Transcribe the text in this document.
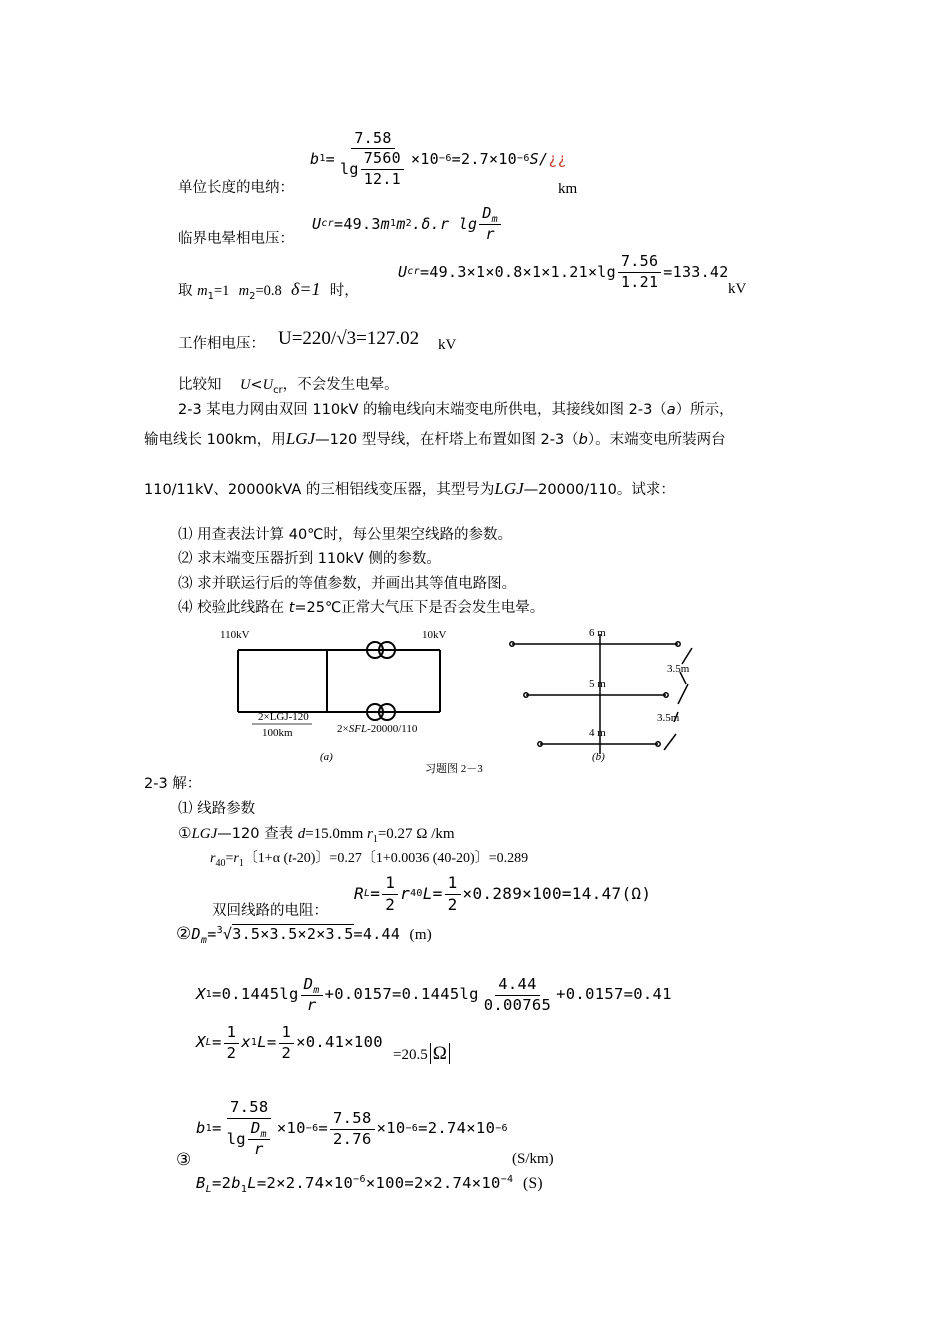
b $1 = \frac{7.58}{\lg \frac{7560}{12.1}} \times 10 -6 =2.7\times 10 -6$ S/ ¿¿
单位长度的电纳：	km
临界电晕相电压：
U cr =49.3 m 1 m 2 .δ.r $\lg \frac{D_m}{r}$
取 $m_1=1$ $m_2=0.8$ δ=1 时，
U cr $=49.3\times 1\times 0.8\times 1\times 1.21\times\lg \frac{7.56}{1.21} =133.42$
kV
工作相电压： U=220/√3=127.02 kV
比较知 $U<U_{cr}$，不会发生电晕。
2-3 某电力网由双回 110kV 的输电线向末端变电所供电，其接线如图 2-3（a）所示，
输电线长 100km，用LGJ—120 型导线，在杆塔上布置如图 2-3（b）。末端变电所装两台
110/11kV、20000kVA 的三相铝线变压器，其型号为LGJ—20000/110。试求：
⑴ 用查表法计算 40℃时，每公里架空线路的参数。
⑵ 求末端变压器折到 110kV 侧的参数。
⑶ 求并联运行后的等值参数，并画出其等值电路图。
⑷ 校验此线路在 t=25℃正常大气压下是否会发生电晕。
110kV	10kV
2×LGJ-120
100km	2×SFL-20000/110
(a)
习题图 2－3
6 m
5 m
4 m
3.5m
3.5m
(b)
2-3 解：
⑴ 线路参数
①LGJ—120 查表 d=15.0mm $r_1=0.27$ Ω /km
$r_{40}=r_1$〔1+α (t-20)〕=0.27〔1+0.0036 (40-20)〕=0.289
R $L = \frac{1}{2}$ r 40 $L = \frac{1}{2} \times 0.289\times 100=14.47(\Omega)$
双回线路的电阻：
$②D_m=^3√3.5\times 3.5\times 2\times 3.5=4.44$ (m)
X $1 =0.1445\lg \frac{D_m}{r} +0.0157=0.1445\lg \frac{4.44}{0.00765} +0.0157=0.41$
X $L = \frac{1}{2}$ x 1 $L = \frac{1}{2} \times 0.41\times 100$
=20.5 Ω
b $1 = \frac{7.58}{\lg \frac{D_m}{r}} \times 10 -6 = \frac{7.58}{2.76} \times 10 -6 =2.74\times 10 -6$
③	(S/km)
$B_L=2b_1L=2\times 2.74\times 10^{-6}\times 100=2\times 2.74\times 10^{-4}$ (S)
